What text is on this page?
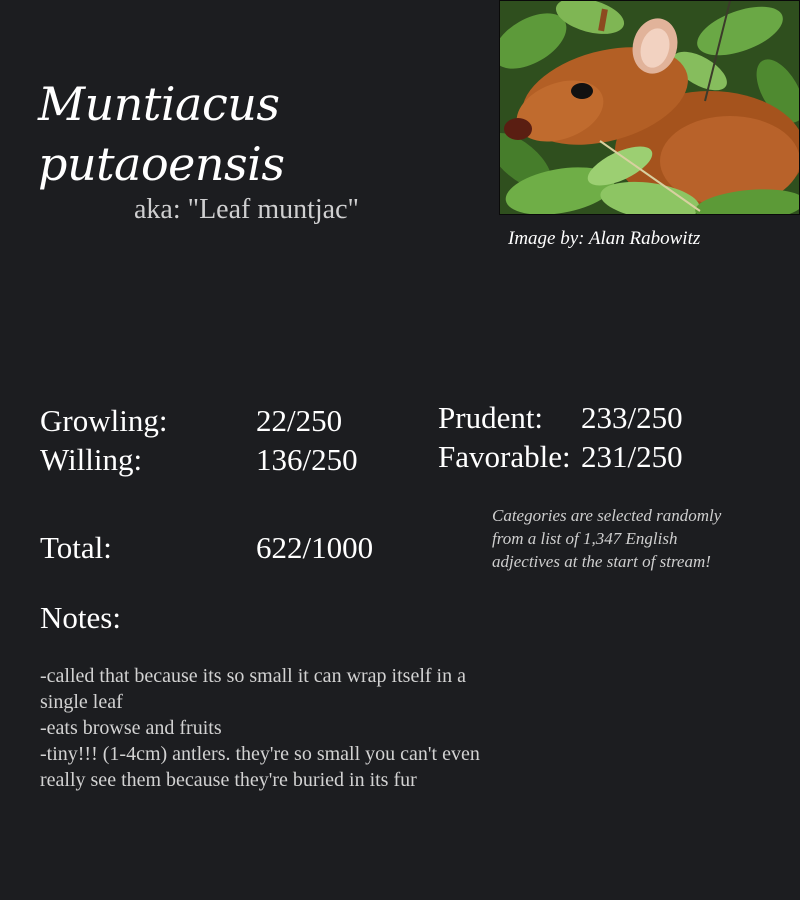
Muntiacus
putaoensis
aka: "Leaf muntjac"
Image by: Alan Rabowitz
Growling:	22/250
Willing:	136/250
Prudent: 233/250
Favorable: 231/250
Total:	622/1000
Categories are selected randomly
from a list of 1,347 English
adjectives at the start of stream!
Notes:
-called that because its so small it can wrap itself in a
single leaf
-eats browse and fruits
-tiny!!! (1-4cm) antlers. they're so small you can't even
really see them because they're buried in its fur
